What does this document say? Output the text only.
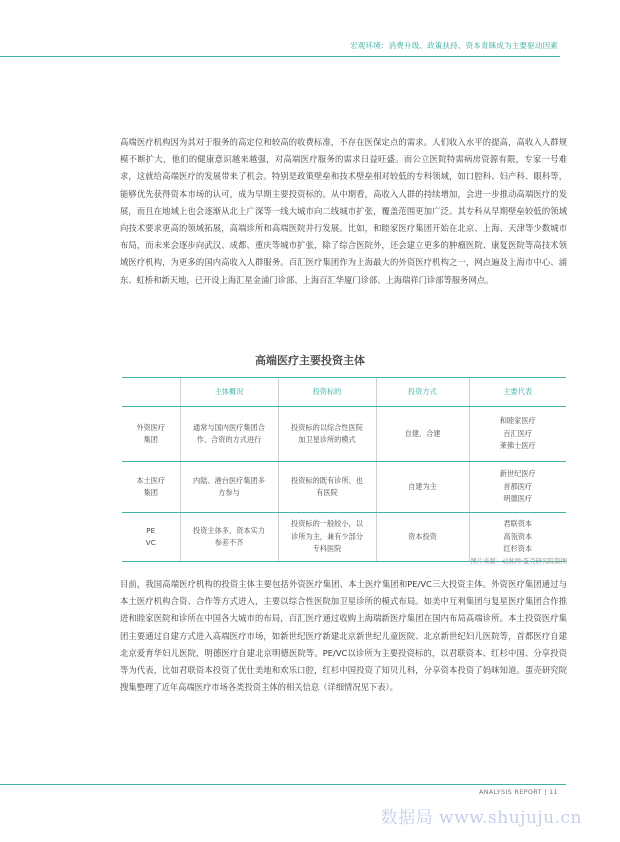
宏观环境：消费升级、政策扶持、资本青睐成为主要驱动因素

高端医疗机构因为其对于服务的高定位和较高的收费标准，不存在医保定点的需求。人们收入水平的提高，高收入人群规模不断扩大，他们的健康意识越来越强，对高端医疗服务的需求日益旺盛。而公立医院特需病房资源有限，专家一号难求，这就给高端医疗的发展带来了机会。特别是政策壁垒和技术壁垒相对较低的专科领域，如口腔科、妇产科、眼科等，能够优先获得资本市场的认可，成为早期主要投资标的。从中期看，高收入人群的持续增加，会进一步推动高端医疗的发展，而且在地域上也会逐渐从北上广深等一线大城市向二线城市扩张，覆盖范围更加广泛。其专科从早期壁垒较低的领域向技术要求更高的领域拓展，高端诊所和高端医院并行发展。比如，和睦家医疗集团开始在北京、上海、天津等少数城市布局，而未来会逐步向武汉、成都、重庆等城市扩张，除了综合医院外，还会建立更多的肿瘤医院、康复医院等高技术领域医疗机构，为更多的国内高收入人群服务。百汇医疗集团作为上海最大的外资医疗机构之一，网点遍及上海市中心、浦东、虹桥和新天地，已开设上海汇星金浦门诊部、上海百汇华厦门诊部、上海瑞祥门诊部等服务网点。

高端医疗主要投资主体
	主体概况	投资标的	投资方式	主要代表

外资医疗
集团	通常与国内医疗集团合
作、合资的方式进行	投资标的以综合性医院
加卫星诊所的模式	自建、合建	和睦家医疗
百汇医疗
莱佛士医疗

本土医疗
集团	内陆、港台医疗集团多
方参与	投资标的既有诊所、也
有医院	自建为主	新世纪医疗
首都医疗
明德医疗

PE
VC	投资主体多，资本实力
参差不齐	投资标的一般较小，以
诊所为主，兼有少部分
专科医院	资本投资	君联资本
高瓴资本
红杉资本
图片来源：动脉网·蛋壳研究院制图

目前，我国高端医疗机构的投资主体主要包括外资医疗集团、本土医疗集团和PE/VC三大投资主体。外资医疗集团通过与本土医疗机构合资、合作等方式进入，主要以综合性医院加卫星诊所的模式布局。如美中互利集团与复星医疗集团合作推进和睦家医院和诊所在中国各大城市的布局，百汇医疗通过收购上海瑞新医疗集团在国内布局高端诊所。本土投资医疗集团主要通过自建方式进入高端医疗市场，如新世纪医疗新建北京新世纪儿童医院、北京新世纪妇儿医院等，首都医疗自建北京爱育华妇儿医院，明德医疗自建北京明德医院等。PE/VC以诊所为主要投资标的，以君联资本、红杉中国、分享投资等为代表，比如君联资本投资了优仕美地和欢乐口腔，红杉中国投资了知贝儿科，分享资本投资了妈咪知道。蛋壳研究院搜集整理了近年高端医疗市场各类投资主体的相关信息（详细情况见下表）。

ANALYSIS REPORT | 11
数据局 www.shujuju.cn
